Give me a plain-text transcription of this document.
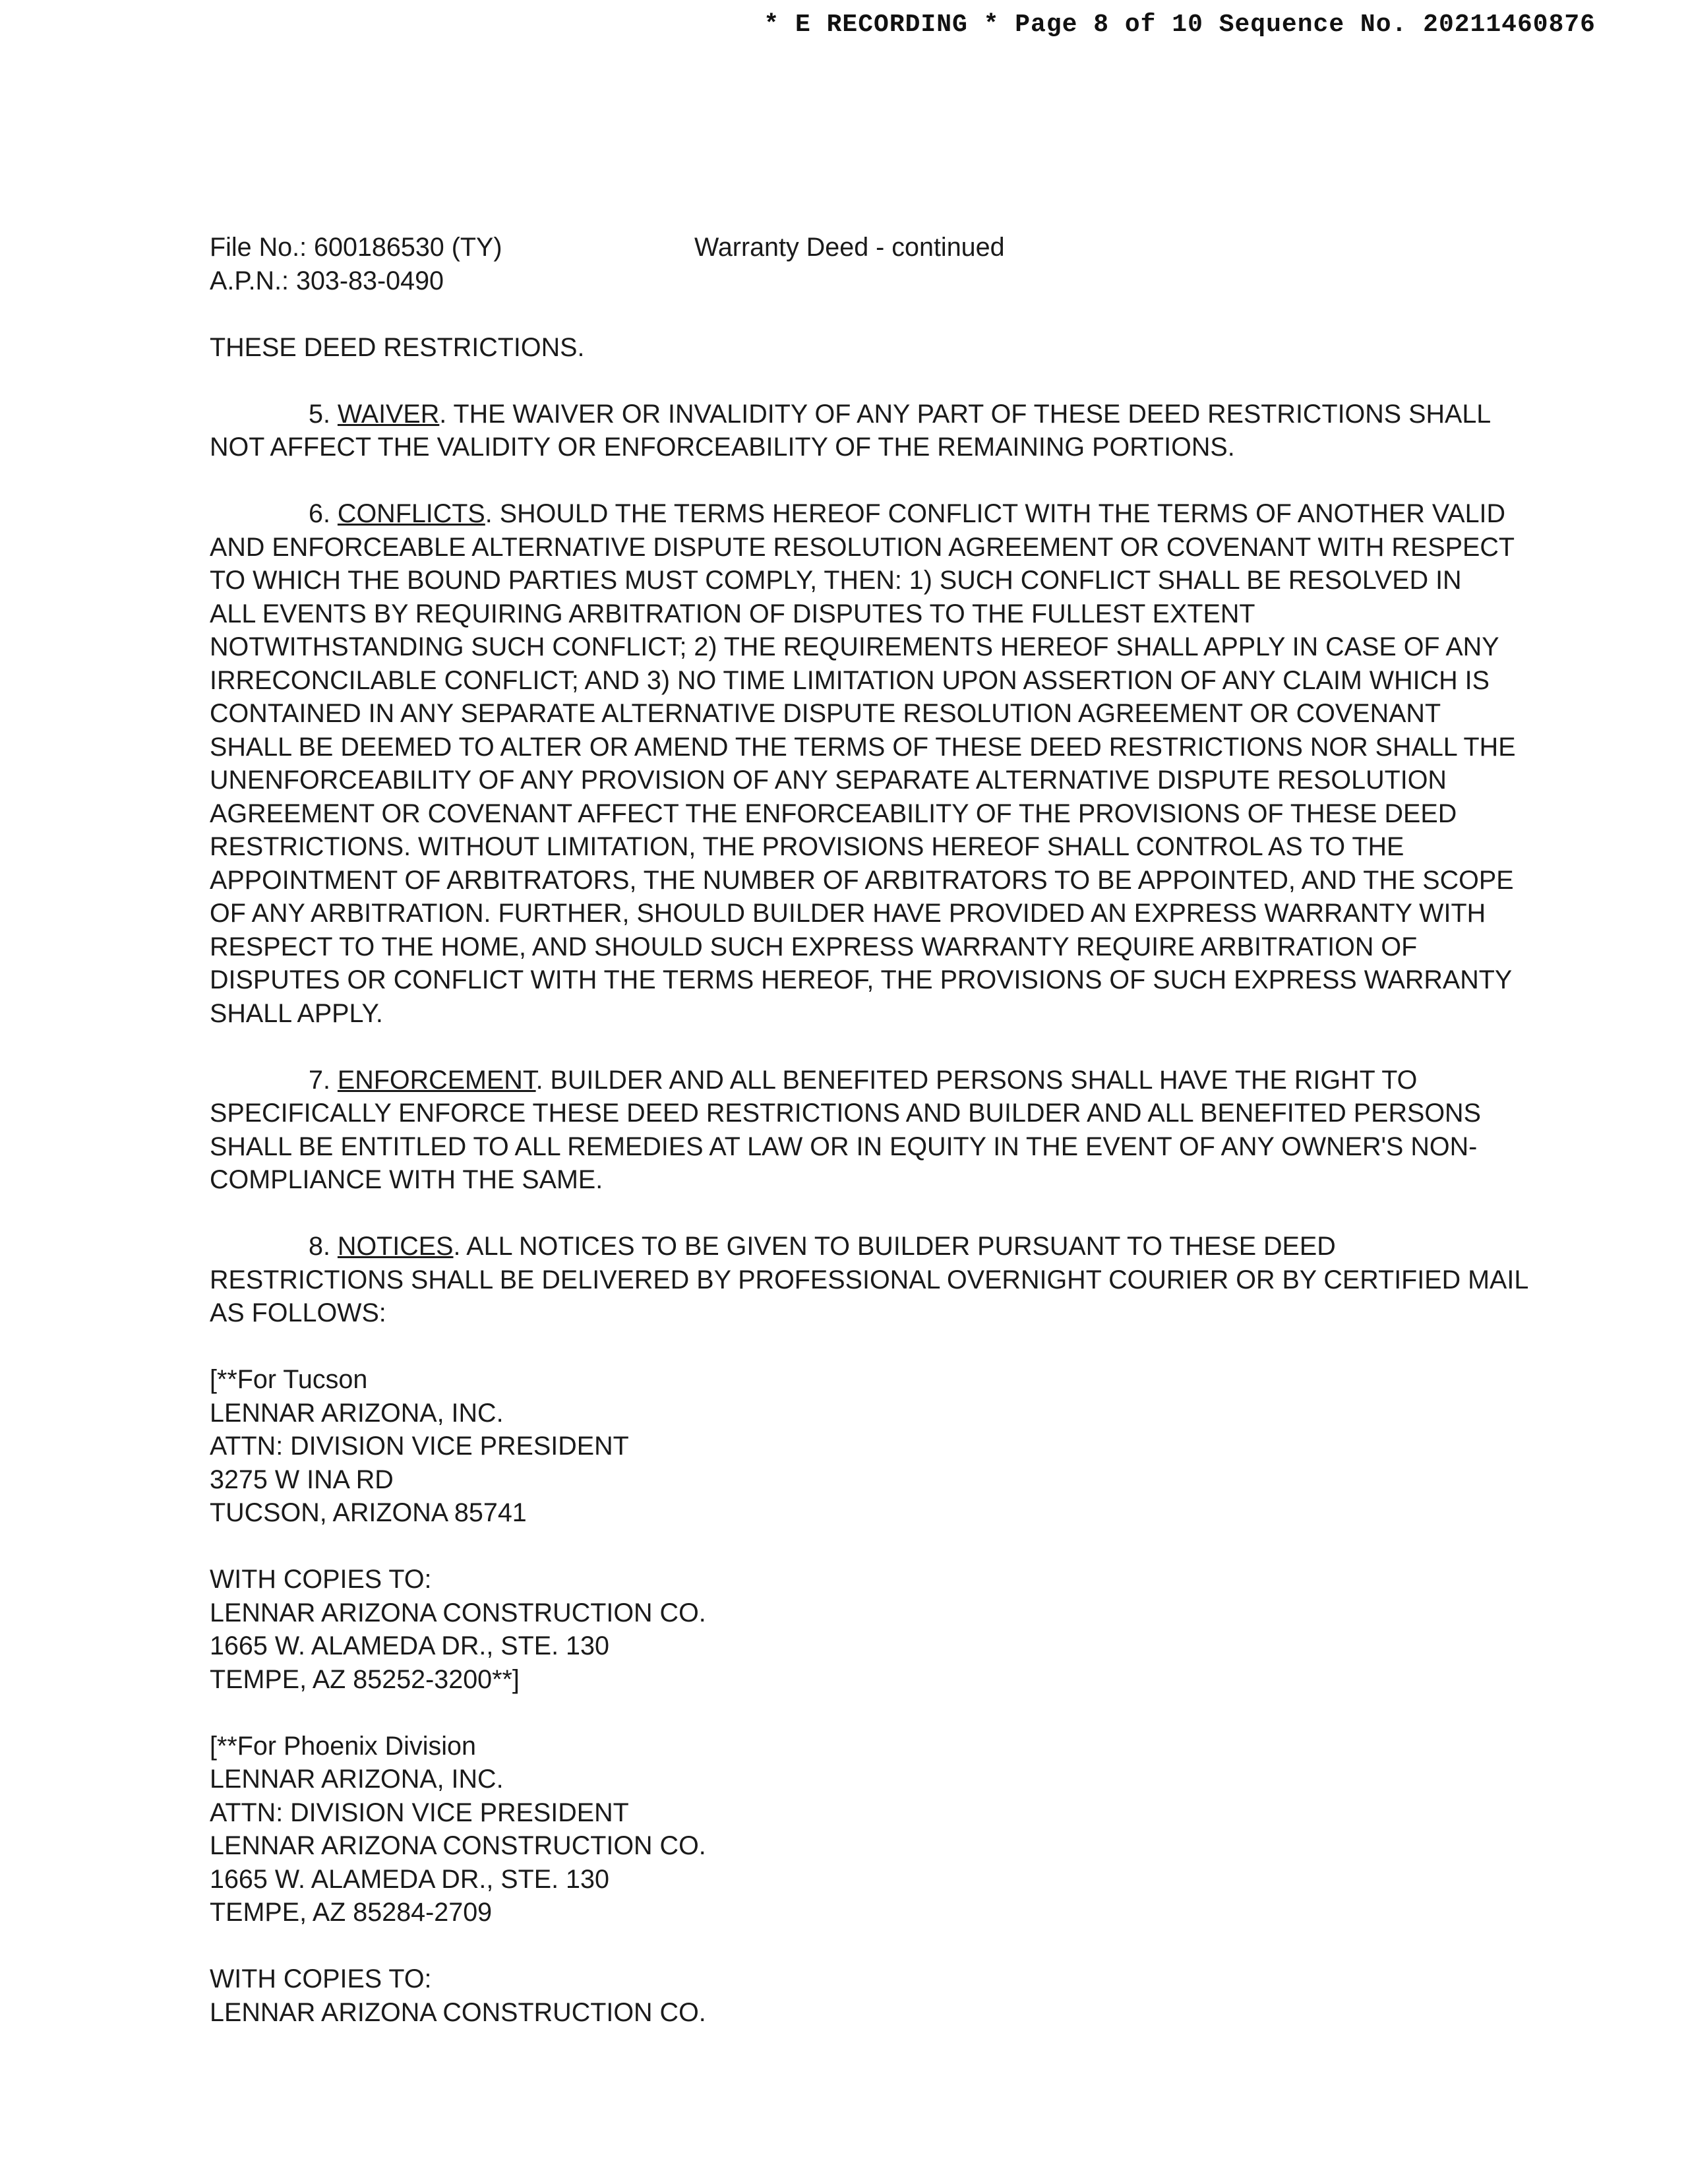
* E RECORDING * Page 8 of 10 Sequence No. 20211460876
File No.: 600186530 (TY)
A.P.N.: 303-83-0490
Warranty Deed - continued
THESE DEED RESTRICTIONS.
5. WAIVER. THE WAIVER OR INVALIDITY OF ANY PART OF THESE DEED RESTRICTIONS SHALL
NOT AFFECT THE VALIDITY OR ENFORCEABILITY OF THE REMAINING PORTIONS.
6. CONFLICTS. SHOULD THE TERMS HEREOF CONFLICT WITH THE TERMS OF ANOTHER VALID
AND ENFORCEABLE ALTERNATIVE DISPUTE RESOLUTION AGREEMENT OR COVENANT WITH RESPECT
TO WHICH THE BOUND PARTIES MUST COMPLY, THEN: 1) SUCH CONFLICT SHALL BE RESOLVED IN
ALL EVENTS BY REQUIRING ARBITRATION OF DISPUTES TO THE FULLEST EXTENT
NOTWITHSTANDING SUCH CONFLICT; 2) THE REQUIREMENTS HEREOF SHALL APPLY IN CASE OF ANY
IRRECONCILABLE CONFLICT; AND 3) NO TIME LIMITATION UPON ASSERTION OF ANY CLAIM WHICH IS
CONTAINED IN ANY SEPARATE ALTERNATIVE DISPUTE RESOLUTION AGREEMENT OR COVENANT
SHALL BE DEEMED TO ALTER OR AMEND THE TERMS OF THESE DEED RESTRICTIONS NOR SHALL THE
UNENFORCEABILITY OF ANY PROVISION OF ANY SEPARATE ALTERNATIVE DISPUTE RESOLUTION
AGREEMENT OR COVENANT AFFECT THE ENFORCEABILITY OF THE PROVISIONS OF THESE DEED
RESTRICTIONS. WITHOUT LIMITATION, THE PROVISIONS HEREOF SHALL CONTROL AS TO THE
APPOINTMENT OF ARBITRATORS, THE NUMBER OF ARBITRATORS TO BE APPOINTED, AND THE SCOPE
OF ANY ARBITRATION. FURTHER, SHOULD BUILDER HAVE PROVIDED AN EXPRESS WARRANTY WITH
RESPECT TO THE HOME, AND SHOULD SUCH EXPRESS WARRANTY REQUIRE ARBITRATION OF
DISPUTES OR CONFLICT WITH THE TERMS HEREOF, THE PROVISIONS OF SUCH EXPRESS WARRANTY
SHALL APPLY.
7. ENFORCEMENT. BUILDER AND ALL BENEFITED PERSONS SHALL HAVE THE RIGHT TO
SPECIFICALLY ENFORCE THESE DEED RESTRICTIONS AND BUILDER AND ALL BENEFITED PERSONS
SHALL BE ENTITLED TO ALL REMEDIES AT LAW OR IN EQUITY IN THE EVENT OF ANY OWNER'S NON-
COMPLIANCE WITH THE SAME.
8. NOTICES. ALL NOTICES TO BE GIVEN TO BUILDER PURSUANT TO THESE DEED
RESTRICTIONS SHALL BE DELIVERED BY PROFESSIONAL OVERNIGHT COURIER OR BY CERTIFIED MAIL
AS FOLLOWS:
[**For Tucson
LENNAR ARIZONA, INC.
ATTN: DIVISION VICE PRESIDENT
3275 W INA RD
TUCSON, ARIZONA 85741
WITH COPIES TO:
LENNAR ARIZONA CONSTRUCTION CO.
1665 W. ALAMEDA DR., STE. 130
TEMPE, AZ 85252-3200**]
[**For Phoenix Division
LENNAR ARIZONA, INC.
ATTN: DIVISION VICE PRESIDENT
LENNAR ARIZONA CONSTRUCTION CO.
1665 W. ALAMEDA DR., STE. 130
TEMPE, AZ 85284-2709
WITH COPIES TO:
LENNAR ARIZONA CONSTRUCTION CO.
